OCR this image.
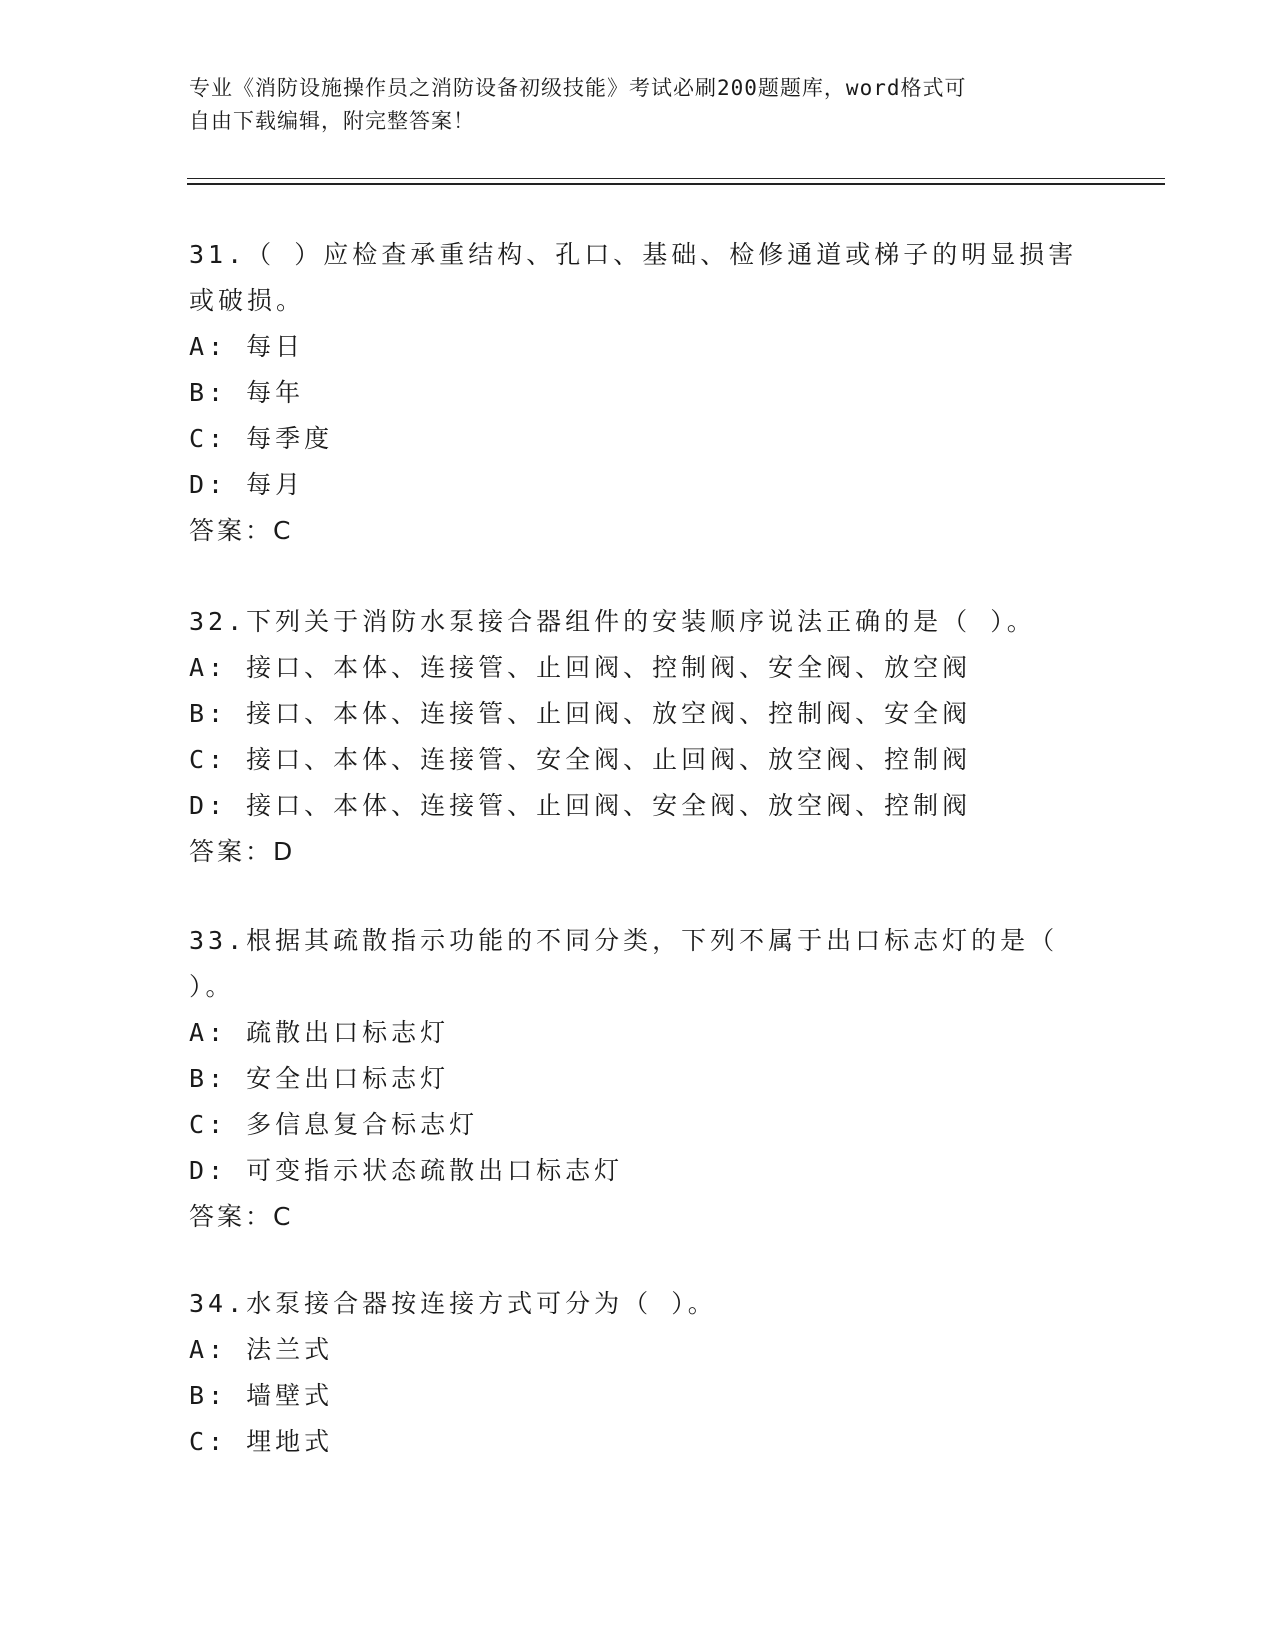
专业《消防设施操作员之消防设备初级技能》考试必刷200题题库，word格式可
自由下载编辑，附完整答案！
31.（ ）应检查承重结构、孔口、基础、检修通道或梯子的明显损害
或破损。
A: 每日
B: 每年
C: 每季度
D: 每月
答案：C
32.下列关于消防水泵接合器组件的安装顺序说法正确的是（ ）。
A: 接口、本体、连接管、止回阀、控制阀、安全阀、放空阀
B: 接口、本体、连接管、止回阀、放空阀、控制阀、安全阀
C: 接口、本体、连接管、安全阀、止回阀、放空阀、控制阀
D: 接口、本体、连接管、止回阀、安全阀、放空阀、控制阀
答案：D
33.根据其疏散指示功能的不同分类，下列不属于出口标志灯的是（
）。
A: 疏散出口标志灯
B: 安全出口标志灯
C: 多信息复合标志灯
D: 可变指示状态疏散出口标志灯
答案：C
34.水泵接合器按连接方式可分为（ ）。
A: 法兰式
B: 墙壁式
C: 埋地式
